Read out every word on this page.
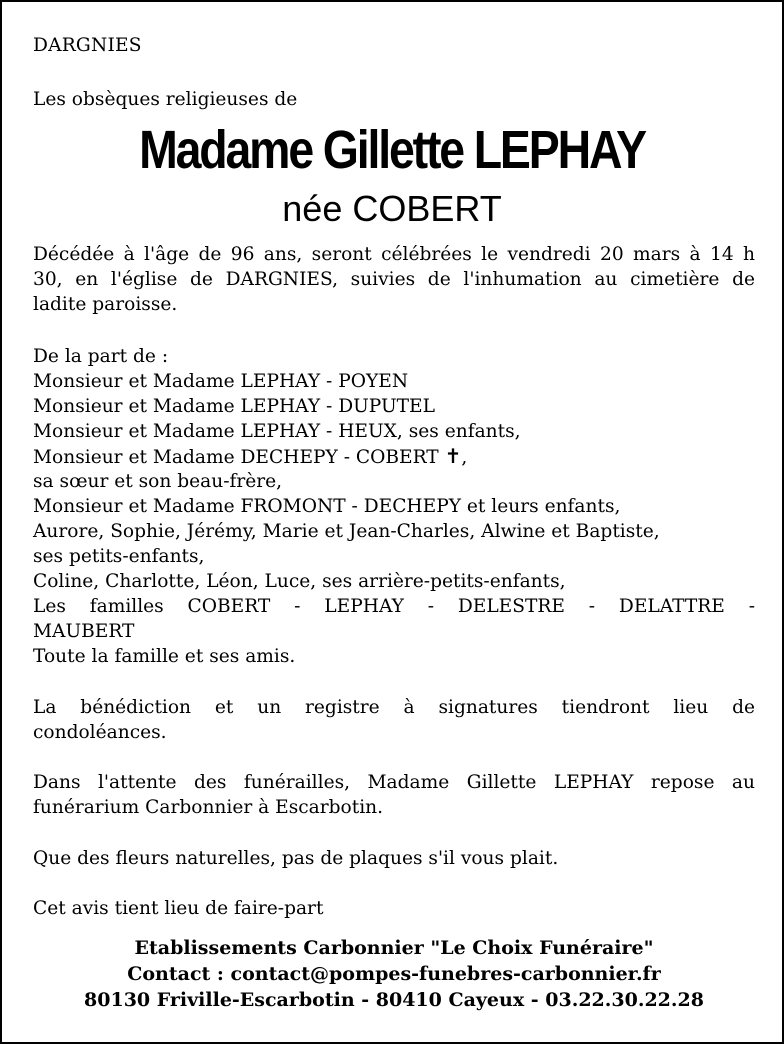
DARGNIES
Les obsèques religieuses de
Madame Gillette LEPHAY
née COBERT
Décédée à l'âge de 96 ans, seront célébrées le vendredi 20 mars à 14 h
30, en l'église de DARGNIES, suivies de l'inhumation au cimetière de
ladite paroisse.
De la part de :
Monsieur et Madame LEPHAY - POYEN
Monsieur et Madame LEPHAY - DUPUTEL
Monsieur et Madame LEPHAY - HEUX, ses enfants,
Monsieur et Madame DECHEPY - COBERT ✝,
sa sœur et son beau-frère,
Monsieur et Madame FROMONT - DECHEPY et leurs enfants,
Aurore, Sophie, Jérémy, Marie et Jean-Charles, Alwine et Baptiste,
ses petits-enfants,
Coline, Charlotte, Léon, Luce, ses arrière-petits-enfants,
Les familles COBERT - LEPHAY - DELESTRE - DELATTRE -
MAUBERT
Toute la famille et ses amis.
La bénédiction et un registre à signatures tiendront lieu de
condoléances.
Dans l'attente des funérailles, Madame Gillette LEPHAY repose au
funérarium Carbonnier à Escarbotin.
Que des fleurs naturelles, pas de plaques s'il vous plait.
Cet avis tient lieu de faire-part
Etablissements Carbonnier "Le Choix Funéraire"
Contact : contact@pompes-funebres-carbonnier.fr
80130 Friville-Escarbotin - 80410 Cayeux - 03.22.30.22.28
